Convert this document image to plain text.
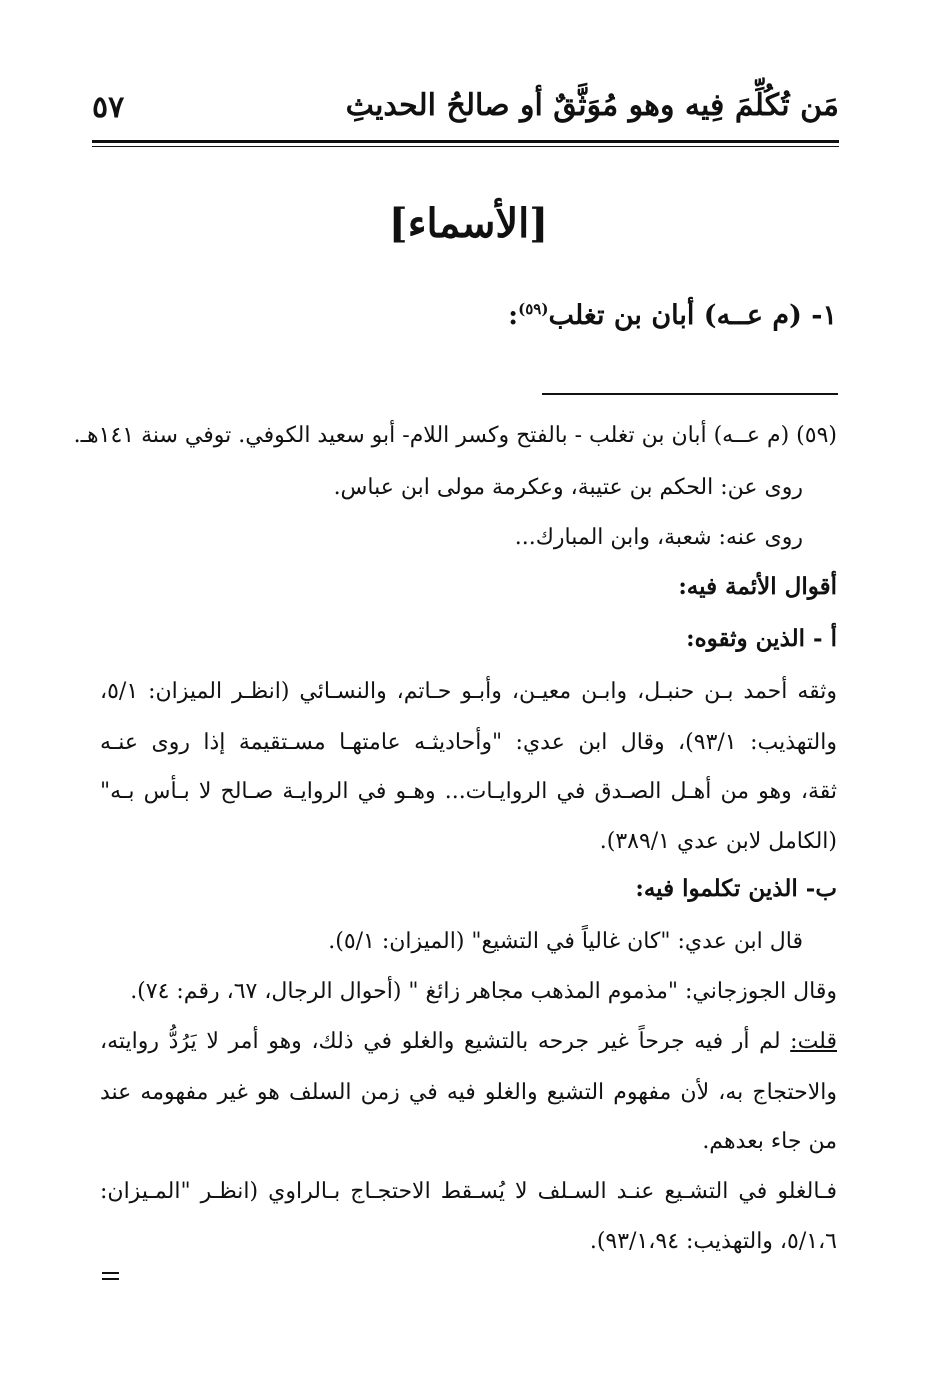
مَن تُكُلِّمَ فِيه وهو مُوَثَّقٌ أو صالحُ الحديثِ
٥٧
[الأسماء]
١- (م عــه) أبان بن تغلب$^{(٥٩)}$:
(٥٩) (م عــه) أبان بن تغلب - بالفتح وكسر اللام- أبو سعيد الكوفي. توفي سنة ١٤١هـ.
روى عن: الحكم بن عتيبة، وعكرمة مولى ابن عباس.
روى عنه: شعبة، وابن المبارك...
أقوال الأئمة فيه:
أ - الذين وثقوه:
وثقه أحمد بـن حنبـل، وابـن معيـن، وأبـو حـاتم، والنسـائي (انظـر الميزان: ٥/١،
والتهذيب: ٩٣/١)، وقال ابن عدي: "وأحاديثـه عامتهـا مسـتقيمة إذا روى عنـه
ثقة، وهو من أهـل الصـدق في الروايـات... وهـو في الروايـة صـالح لا بـأس بـه"
(الكامل لابن عدي ٣٨٩/١).
ب- الذين تكلموا فيه:
قال ابن عدي: "كان غالياً في التشيع" (الميزان: ٥/١).
وقال الجوزجاني: "مذموم المذهب مجاهر زائغ " (أحوال الرجال، ٦٧، رقم: ٧٤).
قلت: لم أر فيه جرحاً غير جرحه بالتشيع والغلو في ذلك، وهو أمر لا يَرُدُّ روايته،
والاحتجاج به، لأن مفهوم التشيع والغلو فيه في زمن السلف هو غير مفهومه عند
من جاء بعدهم.
فـالغلو في التشـيع عنـد السـلف لا يُسـقط الاحتجـاج بـالراوي (انظـر "المـيزان:
٥/١،٦، والتهذيب: ٩٣/١،٩٤).
